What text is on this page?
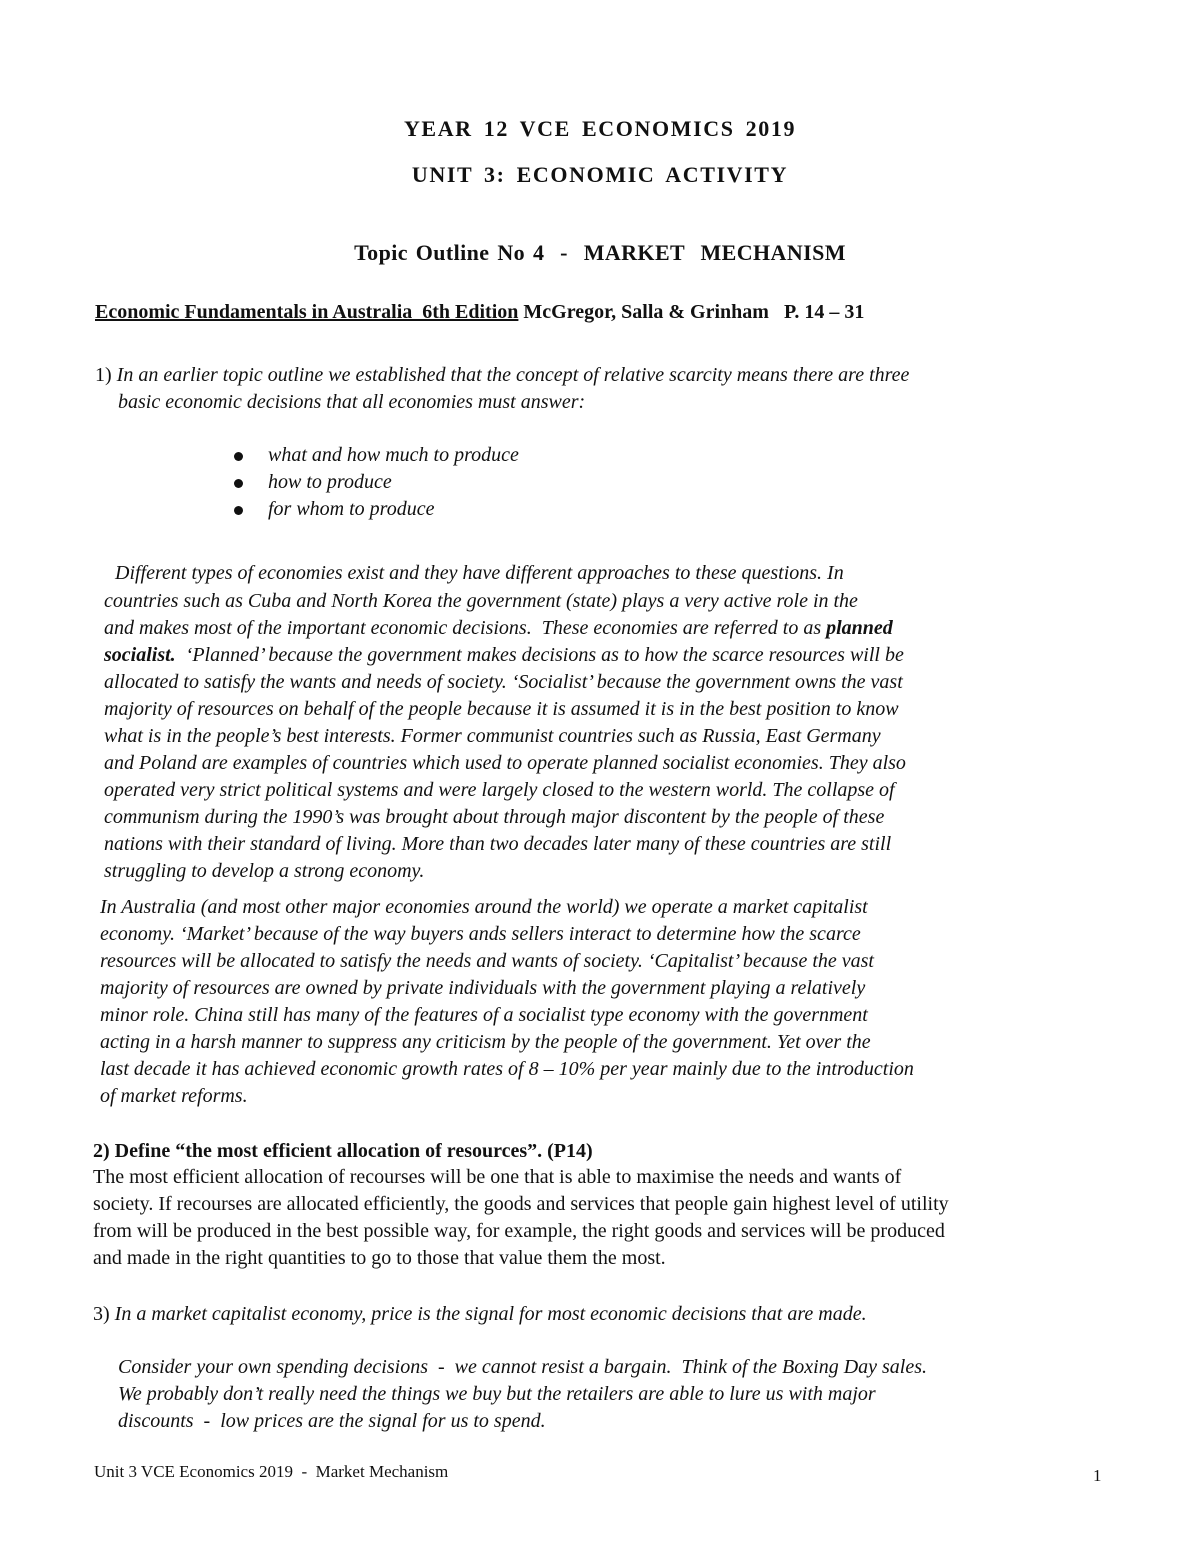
YEAR 12 VCE ECONOMICS 2019
UNIT 3: ECONOMIC ACTIVITY
Topic Outline No 4  -  MARKET  MECHANISM
Economic Fundamentals in Australia  6th Edition McGregor, Salla & Grinham   P. 14 – 31
1) In an earlier topic outline we established that the concept of relative scarcity means there are three
basic economic decisions that all economies must answer:
what and how much to produce
how to produce
for whom to produce
Different types of economies exist and they have different approaches to these questions. In
countries such as Cuba and North Korea the government (state) plays a very active role in the
and makes most of the important economic decisions.  These economies are referred to as planned
socialist.  ‘Planned’ because the government makes decisions as to how the scarce resources will be
allocated to satisfy the wants and needs of society. ‘Socialist’ because the government owns the vast
majority of resources on behalf of the people because it is assumed it is in the best position to know
what is in the people’s best interests. Former communist countries such as Russia, East Germany
and Poland are examples of countries which used to operate planned socialist economies. They also
operated very strict political systems and were largely closed to the western world. The collapse of
communism during the 1990’s was brought about through major discontent by the people of these
nations with their standard of living. More than two decades later many of these countries are still
struggling to develop a strong economy.
In Australia (and most other major economies around the world) we operate a market capitalist
economy. ‘Market’ because of the way buyers ands sellers interact to determine how the scarce
resources will be allocated to satisfy the needs and wants of society. ‘Capitalist’ because the vast
majority of resources are owned by private individuals with the government playing a relatively
minor role. China still has many of the features of a socialist type economy with the government
acting in a harsh manner to suppress any criticism by the people of the government. Yet over the
last decade it has achieved economic growth rates of 8 – 10% per year mainly due to the introduction
of market reforms.
2) Define “the most efficient allocation of resources”. (P14)
The most efficient allocation of recourses will be one that is able to maximise the needs and wants of
society. If recourses are allocated efficiently, the goods and services that people gain highest level of utility
from will be produced in the best possible way, for example, the right goods and services will be produced
and made in the right quantities to go to those that value them the most.
3) In a market capitalist economy, price is the signal for most economic decisions that are made.
Consider your own spending decisions  -  we cannot resist a bargain.  Think of the Boxing Day sales.
We probably don’t really need the things we buy but the retailers are able to lure us with major
discounts  -  low prices are the signal for us to spend.
Unit 3 VCE Economics 2019  -  Market Mechanism	1
